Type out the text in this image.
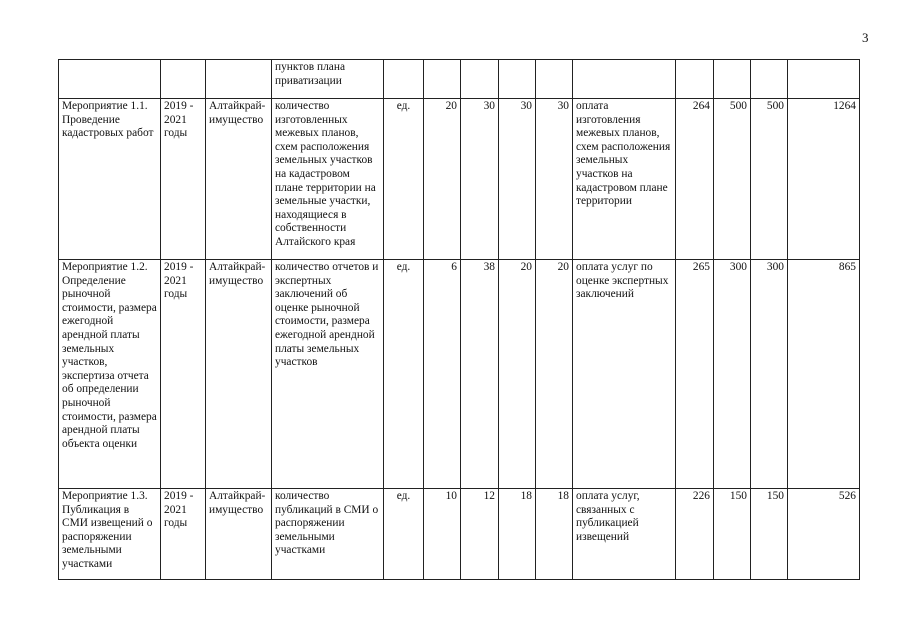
3
			пунктов плана приватизации										
Мероприятие 1.1. Проведение кадастровых работ	2019 - 2021 годы	Алтайкрай-имущество	количество изготовленных межевых планов, схем расположения земельных участков на кадастровом плане территории на земельные участки, находящиеся в собственности Алтайского края	ед.	20	30	30	30	оплата изготовления межевых планов, схем расположения земельных участков на кадастровом плане территории	264	500	500	1264
Мероприятие 1.2. Определение рыночной стоимости, размера ежегодной арендной платы земельных участков, экспертиза отчета об определении рыночной стоимости, размера арендной платы объекта оценки	2019 - 2021 годы	Алтайкрай-имущество	количество отчетов и экспертных заключений об оценке рыночной стоимости, размера ежегодной арендной платы земельных участков	ед.	6	38	20	20	оплата услуг по оценке экспертных заключений	265	300	300	865
Мероприятие 1.3. Публикация в СМИ извещений о распоряжении земельными участками	2019 - 2021 годы	Алтайкрай-имущество	количество публикаций в СМИ о распоряжении земельными участками	ед.	10	12	18	18	оплата услуг, связанных с публикацией извещений	226	150	150	526
